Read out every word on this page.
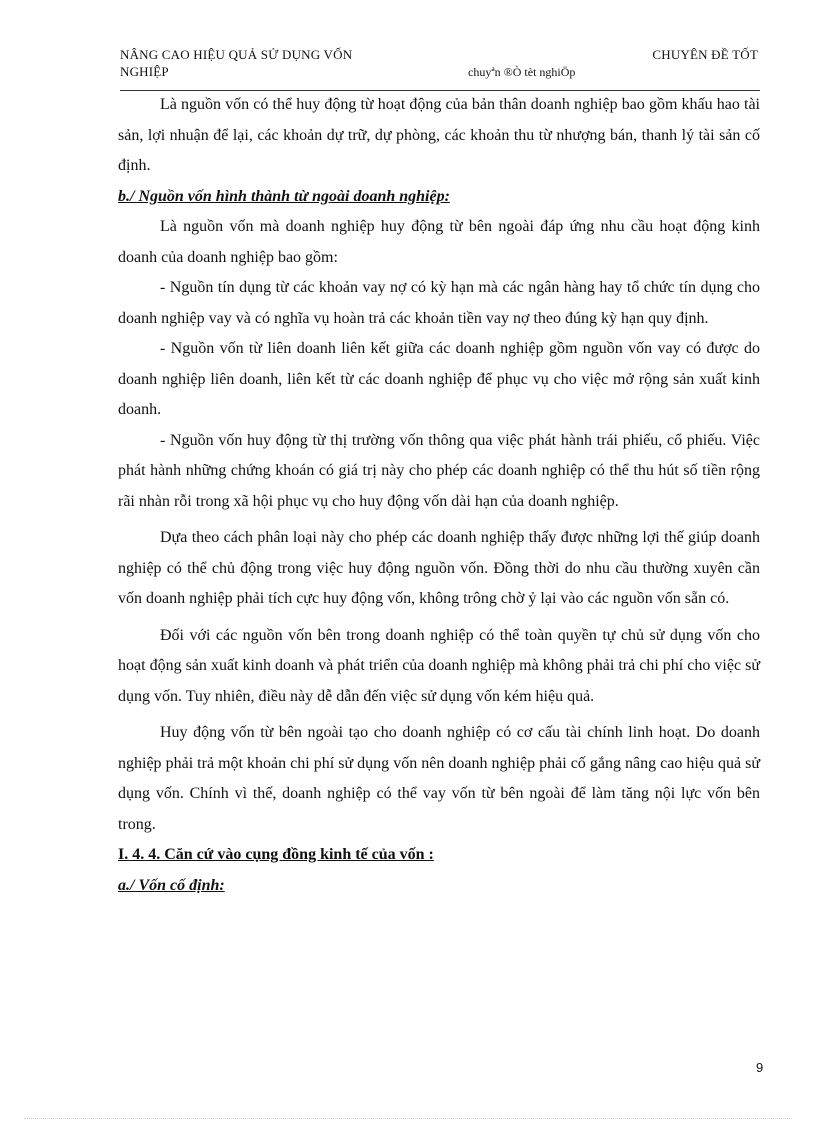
NÂNG CAO HIỆU QUẢ SỬ DỤNG VỐN
NGHIỆP
CHUYÊN ĐỀ TỐT
chuyªn ®Ò tèt nghiÖp

Là nguồn vốn có thể huy động từ hoạt động của bản thân doanh nghiệp bao gồm khấu hao tài sản, lợi nhuận để lại, các khoản dự trữ, dự phòng, các khoản thu từ nhượng bán, thanh lý tài sản cố định.

b./ Nguồn vốn hình thành từ ngoài doanh nghiệp:

Là nguồn vốn mà doanh nghiệp huy động từ bên ngoài đáp ứng nhu cầu hoạt động kinh doanh của doanh nghiệp bao gồm:

- Nguồn tín dụng từ các khoản vay nợ có kỳ hạn mà các ngân hàng hay tổ chức tín dụng cho doanh nghiệp vay và có nghĩa vụ hoàn trả các khoản tiền vay nợ theo đúng kỳ hạn quy định.

- Nguồn vốn từ liên doanh liên kết giữa các doanh nghiệp gồm nguồn vốn vay có được do doanh nghiệp liên doanh, liên kết từ các doanh nghiệp để phục vụ cho việc mở rộng sản xuất kinh doanh.

- Nguồn vốn huy động từ thị trường vốn thông qua việc phát hành trái phiếu, cổ phiếu. Việc phát hành những chứng khoán có giá trị này cho phép các doanh nghiệp có thể thu hút số tiền rộng rãi nhàn rỗi trong xã hội phục vụ cho huy động vốn dài hạn của doanh nghiệp.

Dựa theo cách phân loại này cho phép các doanh nghiệp thấy được những lợi thế giúp doanh nghiệp có thể chủ động trong việc huy động nguồn vốn. Đồng thời do nhu cầu thường xuyên cần vốn doanh nghiệp phải tích cực huy động vốn, không trông chờ ỷ lại vào các nguồn vốn sẵn có.

Đối với các nguồn vốn bên trong doanh nghiệp có thể toàn quyền tự chủ sử dụng vốn cho hoạt động sản xuất kinh doanh và phát triển của doanh nghiệp mà không phải trả chi phí cho việc sử dụng vốn. Tuy nhiên, điều này dễ dẫn đến việc sử dụng vốn kém hiệu quả.

Huy động vốn từ bên ngoài tạo cho doanh nghiệp có cơ cấu tài chính linh hoạt. Do doanh nghiệp phải trả một khoản chi phí sử dụng vốn nên doanh nghiệp phải cố gắng nâng cao hiệu quả sử dụng vốn. Chính vì thế, doanh nghiệp có thể vay vốn từ bên ngoài để làm tăng nội lực vốn bên trong.

I. 4. 4. Căn cứ vào cụng đồng kinh tế của vốn :

a./ Vốn cố định:

9
